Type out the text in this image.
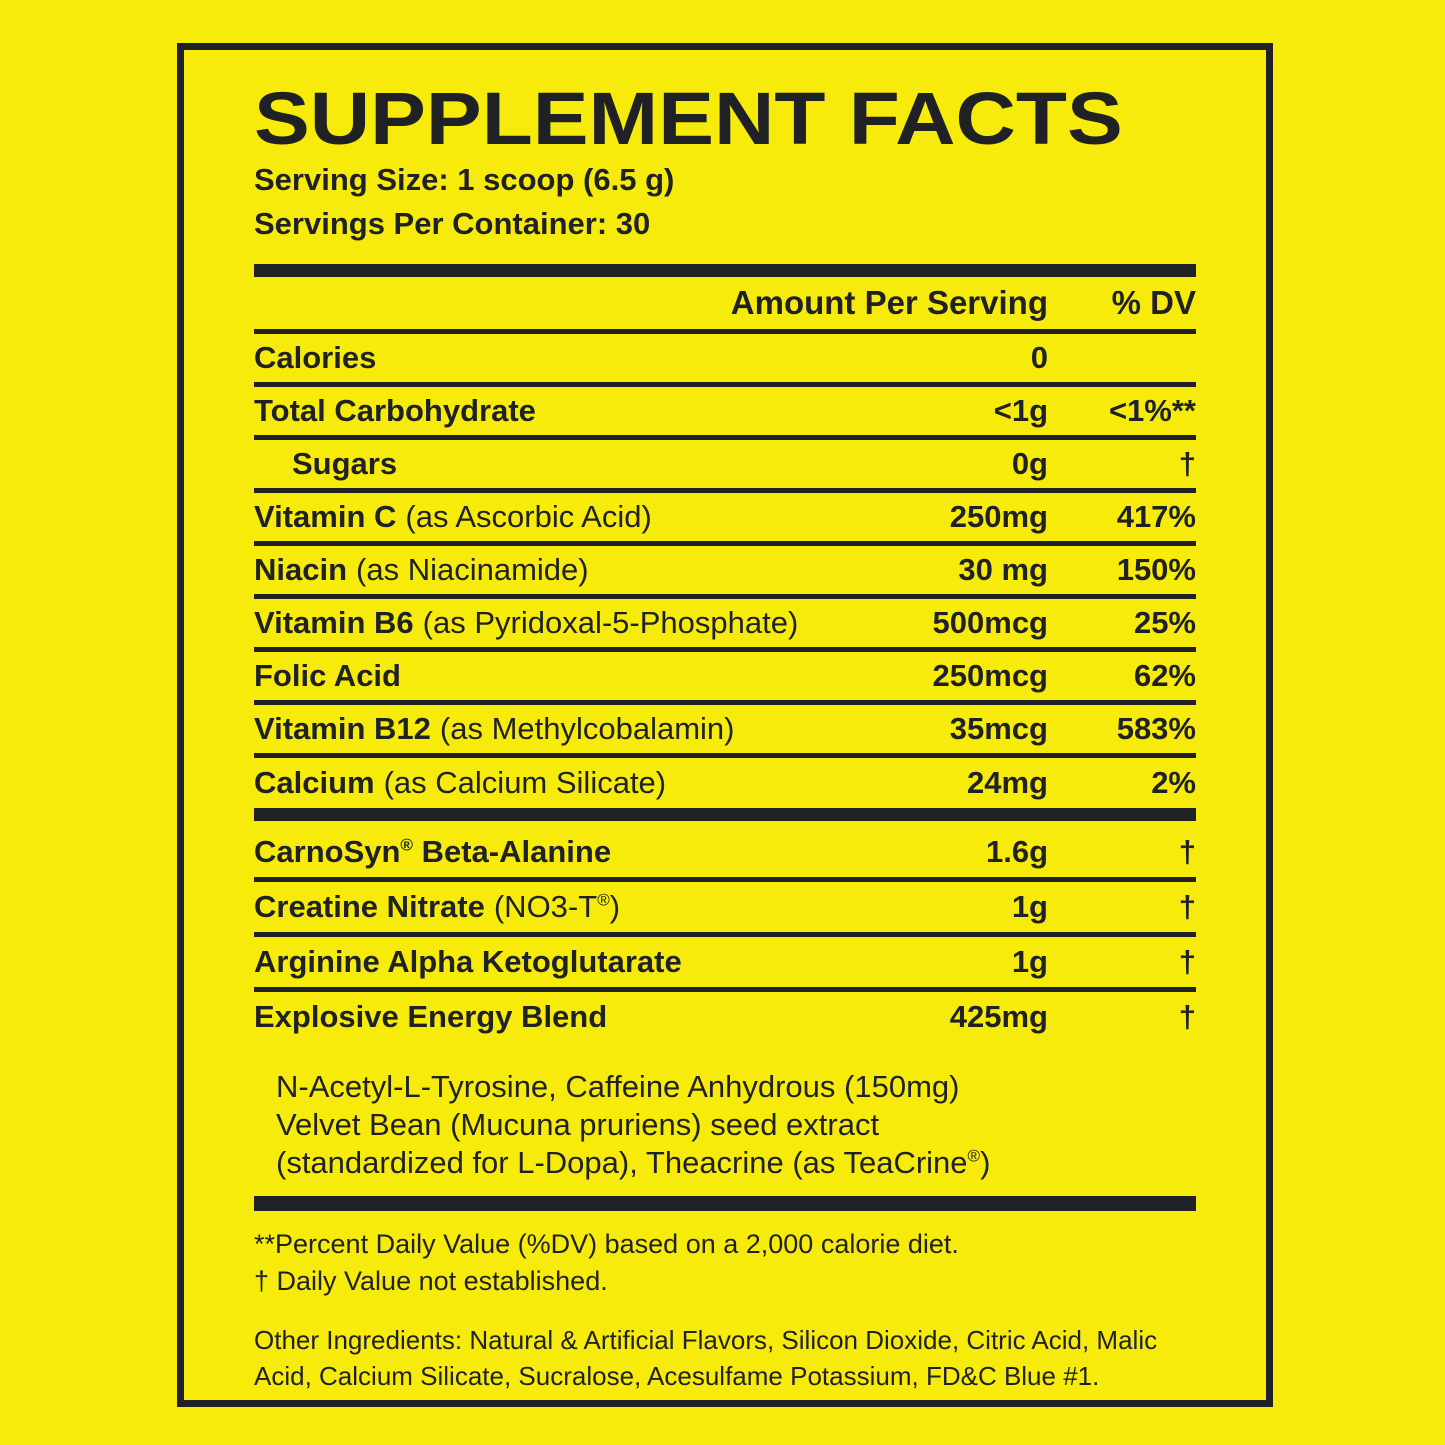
SUPPLEMENT FACTS
Serving Size: 1 scoop (6.5 g)
Servings Per Container: 30
Amount Per Serving	% DV
Calories	0
Total Carbohydrate	<1g	<1%**
Sugars	0g	†
Vitamin C (as Ascorbic Acid)	250mg	417%
Niacin (as Niacinamide)	30 mg	150%
Vitamin B6 (as Pyridoxal-5-Phosphate)	500mcg	25%
Folic Acid	250mcg	62%
Vitamin B12 (as Methylcobalamin)	35mcg	583%
Calcium (as Calcium Silicate)	24mg	2%
CarnoSyn® Beta-Alanine	1.6g	†
Creatine Nitrate (NO3-T®)	1g	†
Arginine Alpha Ketoglutarate	1g	†
Explosive Energy Blend	425mg	†
N-Acetyl-L-Tyrosine, Caffeine Anhydrous (150mg)
Velvet Bean (Mucuna pruriens) seed extract
(standardized for L-Dopa), Theacrine (as TeaCrine®)
**Percent Daily Value (%DV) based on a 2,000 calorie diet.
† Daily Value not established.
Other Ingredients: Natural & Artificial Flavors, Silicon Dioxide, Citric Acid, Malic Acid, Calcium Silicate, Sucralose, Acesulfame Potassium, FD&C Blue #1.
